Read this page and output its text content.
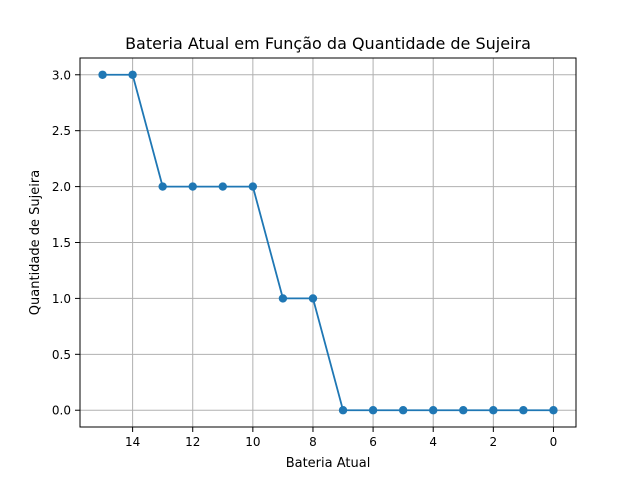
14	12	10	8	6	4	2	0
0.0
0.5
1.0
1.5
2.0
2.5
3.0
Bateria Atual em Função da Quantidade de Sujeira
Bateria Atual
Quantidade de Sujeira
